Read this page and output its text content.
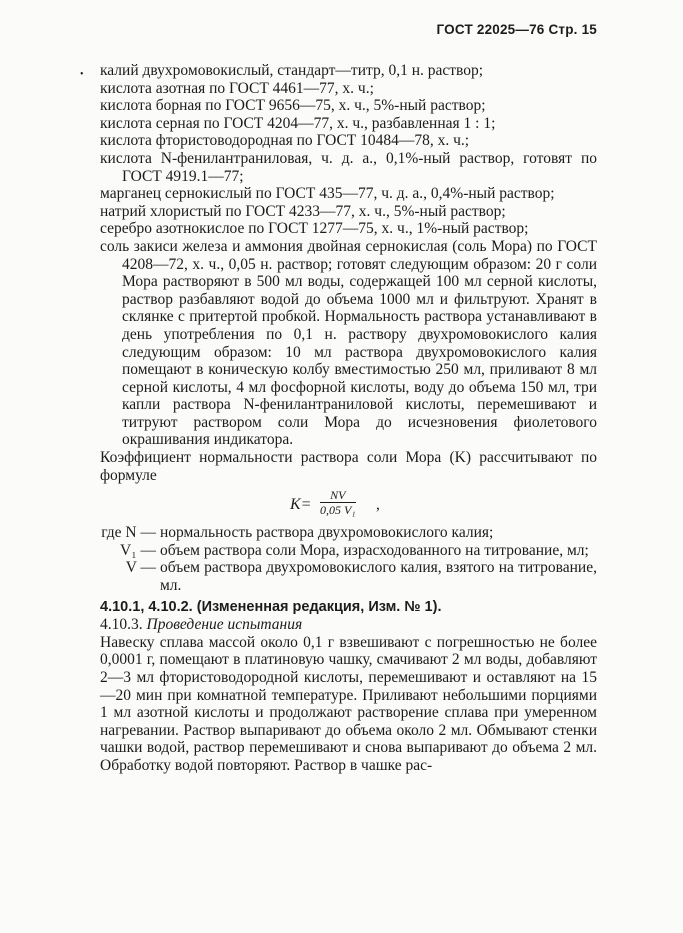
ГОСТ 22025—76 Стр. 15
• калий двухромовокислый, стандарт—титр, 0,1 н. раствор;

кислота азотная по ГОСТ 4461—77, х. ч.;

кислота борная по ГОСТ 9656—75, х. ч., 5%-ный раствор;

кислота серная по ГОСТ 4204—77, х. ч., разбавленная 1 : 1;

кислота фтористоводородная по ГОСТ 10484—78, х. ч.;

кислота N-фенилантраниловая, ч. д. а., 0,1%-ный раствор, готовят по ГОСТ 4919.1—77;

марганец сернокислый по ГОСТ 435—77, ч. д. а., 0,4%-ный раствор;

натрий хлористый по ГОСТ 4233—77, х. ч., 5%-ный раствор;

серебро азотнокислое по ГОСТ 1277—75, х. ч., 1%-ный раствор;

соль закиси железа и аммония двойная сернокислая (соль Мора) по ГОСТ 4208—72, х. ч., 0,05 н. раствор; готовят следующим образом: 20 г соли Мора растворяют в 500 мл воды, содержащей 100 мл серной кислоты, раствор разбавляют водой до объема 1000 мл и фильтруют. Хранят в склянке с притертой пробкой. Нормальность раствора устанавливают в день употребления по 0,1 н. раствору двухромовокислого калия следующим образом: 10 мл раствора двухромовокислого калия помещают в коническую колбу вместимостью 250 мл, приливают 8 мл серной кислоты, 4 мл фосфорной кислоты, воду до объема 150 мл, три капли раствора N-фенилантраниловой кислоты, перемешивают и титруют раствором соли Мора до исчезновения фиолетового окрашивания индикатора.

Коэффициент нормальности раствора соли Мора (K) рассчитывают по формуле

$K= \frac{NV}{\text{0,05 V₁}}$ ,
где N — нормальность раствора двухромовокислого калия;
V₁ — объем раствора соли Мора, израсходованного на титрование, мл;
V — объем раствора двухромовокислого калия, взятого на титрование, мл.

4.10.1, 4.10.2. (Измененная редакция, Изм. № 1).

4.10.3. Проведение испытания

Навеску сплава массой около 0,1 г взвешивают с погрешностью не более 0,0001 г, помещают в платиновую чашку, смачивают 2 мл воды, добавляют 2—3 мл фтористоводородной кислоты, перемешивают и оставляют на 15—20 мин при комнатной температуре. Приливают небольшими порциями 1 мл азотной кислоты и продолжают растворение сплава при умеренном нагревании. Раствор выпаривают до объема около 2 мл. Обмывают стенки чашки водой, раствор перемешивают и снова выпаривают до объема 2 мл. Обработку водой повторяют. Раствор в чашке рас-
